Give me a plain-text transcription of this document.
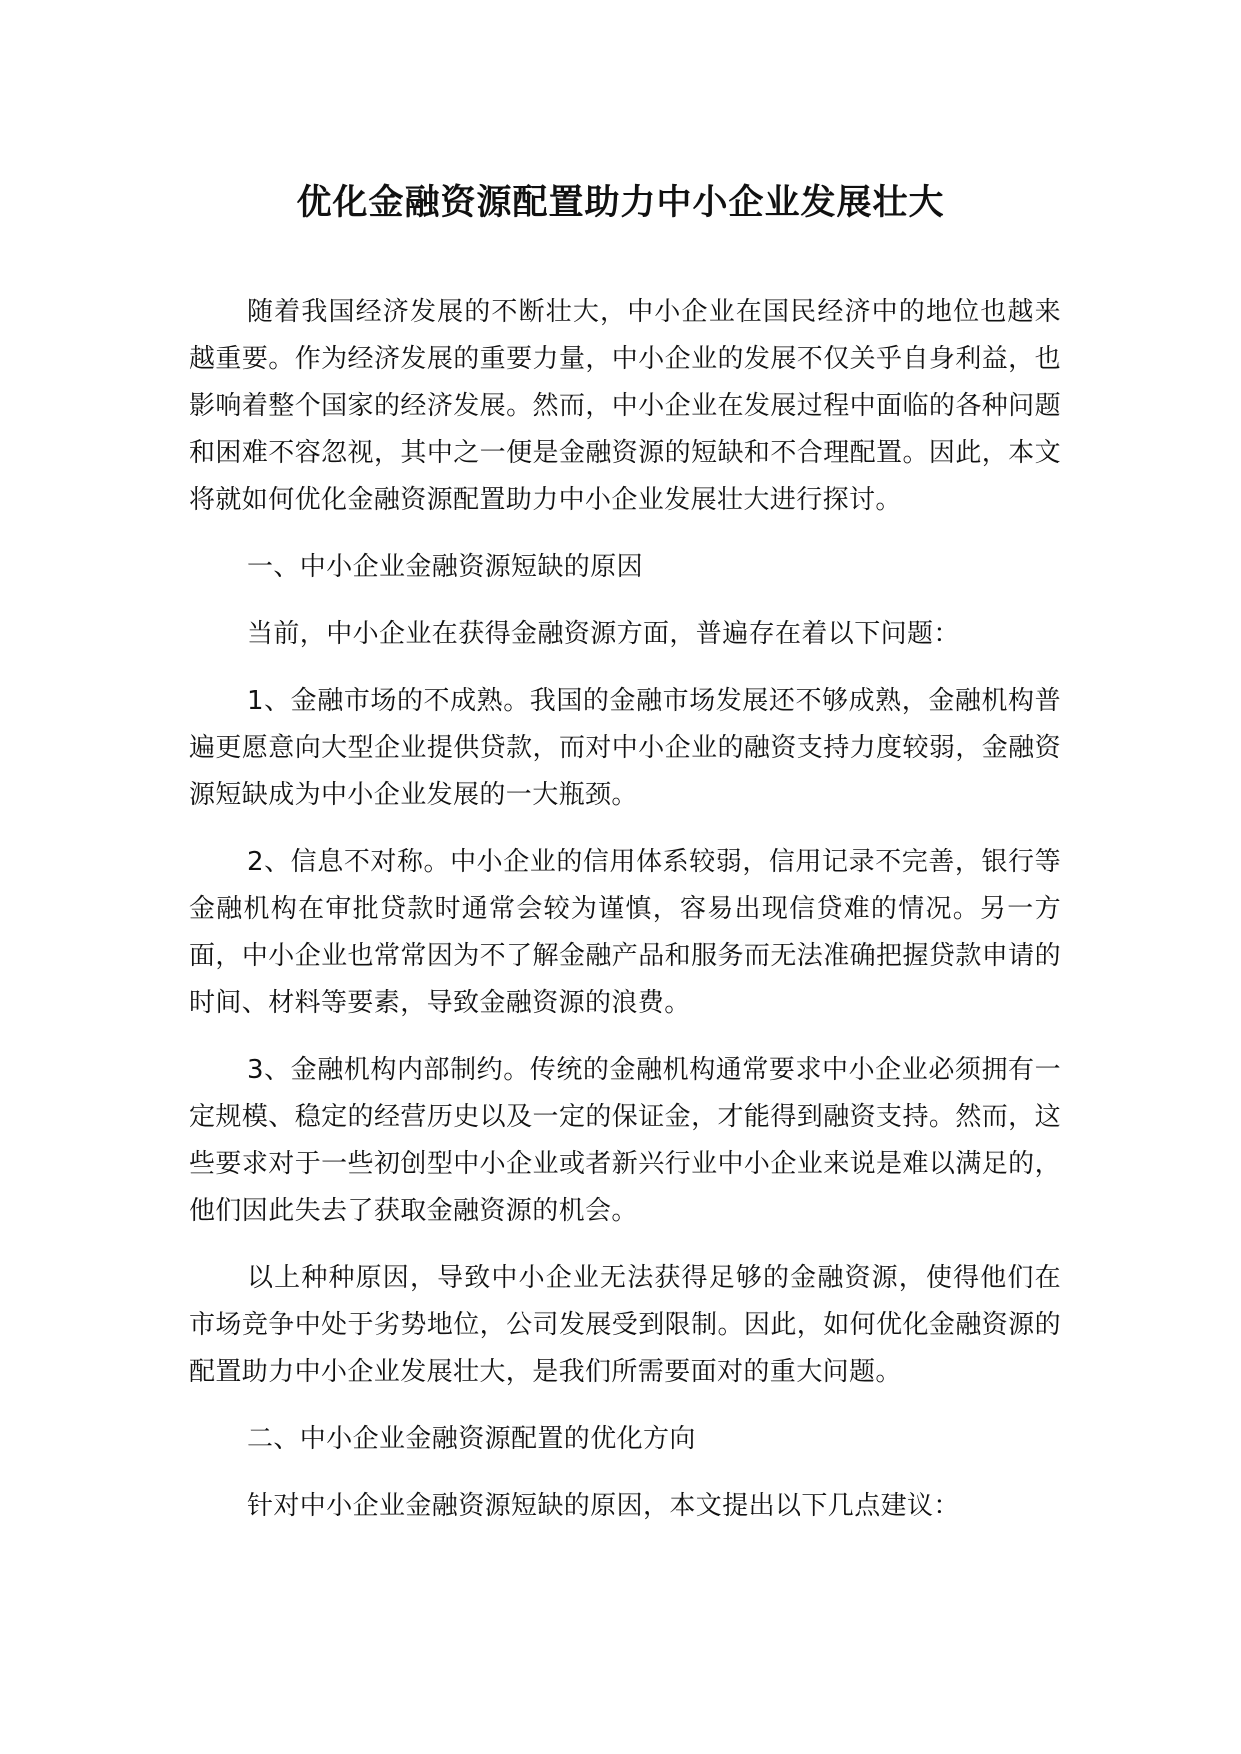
优化金融资源配置助力中小企业发展壮大

随着我国经济发展的不断壮大，中小企业在国民经济中的地位也越来越重要。作为经济发展的重要力量，中小企业的发展不仅关乎自身利益，也影响着整个国家的经济发展。然而，中小企业在发展过程中面临的各种问题和困难不容忽视，其中之一便是金融资源的短缺和不合理配置。因此，本文将就如何优化金融资源配置助力中小企业发展壮大进行探讨。

一、中小企业金融资源短缺的原因

当前，中小企业在获得金融资源方面，普遍存在着以下问题：

1、金融市场的不成熟。我国的金融市场发展还不够成熟，金融机构普遍更愿意向大型企业提供贷款，而对中小企业的融资支持力度较弱，金融资源短缺成为中小企业发展的一大瓶颈。

2、信息不对称。中小企业的信用体系较弱，信用记录不完善，银行等金融机构在审批贷款时通常会较为谨慎，容易出现信贷难的情况。另一方面，中小企业也常常因为不了解金融产品和服务而无法准确把握贷款申请的时间、材料等要素，导致金融资源的浪费。

3、金融机构内部制约。传统的金融机构通常要求中小企业必须拥有一定规模、稳定的经营历史以及一定的保证金，才能得到融资支持。然而，这些要求对于一些初创型中小企业或者新兴行业中小企业来说是难以满足的，他们因此失去了获取金融资源的机会。

以上种种原因，导致中小企业无法获得足够的金融资源，使得他们在市场竞争中处于劣势地位，公司发展受到限制。因此，如何优化金融资源的配置助力中小企业发展壮大，是我们所需要面对的重大问题。

二、中小企业金融资源配置的优化方向

针对中小企业金融资源短缺的原因，本文提出以下几点建议：
